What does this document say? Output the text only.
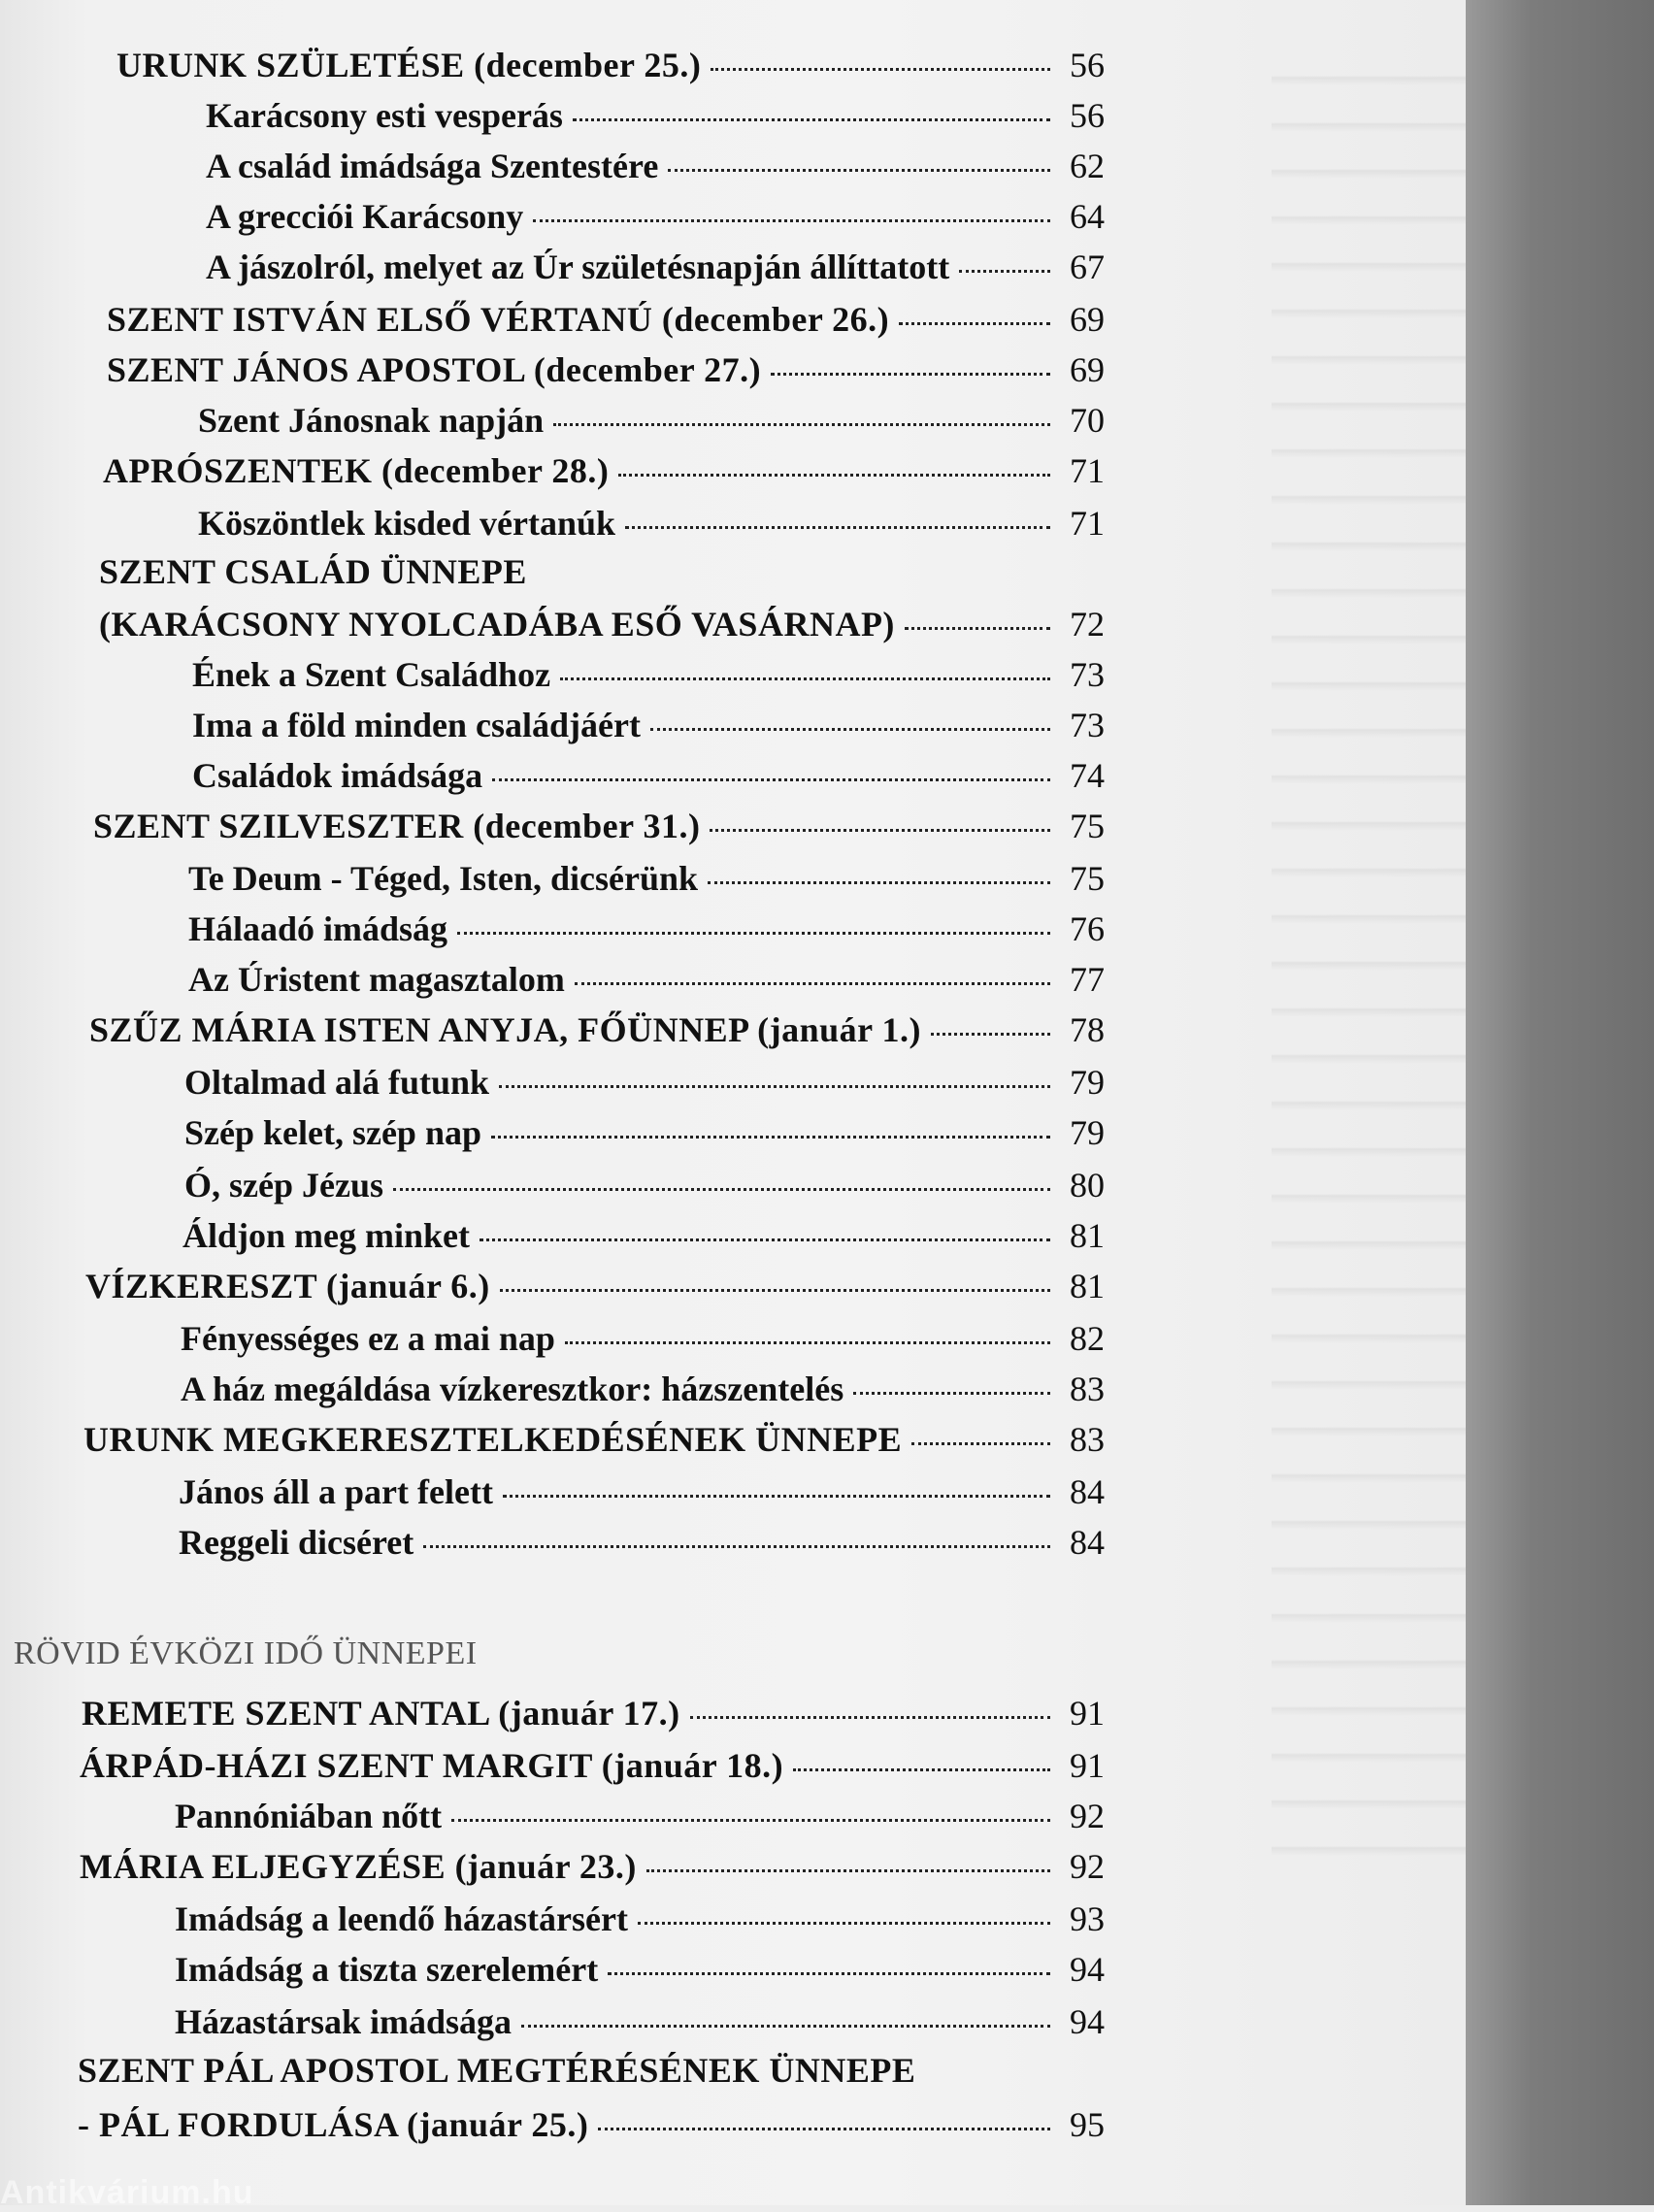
URUNK SZÜLETÉSE (december 25.)	56
Karácsony esti vesperás	56
A család imádsága Szentestére	62
A grecciói Karácsony	64
A jászolról, melyet az Úr születésnapján állíttatott	67
SZENT ISTVÁN ELSŐ VÉRTANÚ (december 26.)	69
SZENT JÁNOS APOSTOL (december 27.)	69
Szent Jánosnak napján	70
APRÓSZENTEK (december 28.)	71
Köszöntlek kisded vértanúk	71
SZENT CSALÁD ÜNNEPE
(KARÁCSONY NYOLCADÁBA ESŐ VASÁRNAP)	72
Ének a Szent Családhoz	73
Ima a föld minden családjáért	73
Családok imádsága	74
SZENT SZILVESZTER (december 31.)	75
Te Deum - Téged, Isten, dicsérünk	75
Hálaadó imádság	76
Az Úristent magasztalom	77
SZŰZ MÁRIA ISTEN ANYJA, FŐÜNNEP (január 1.)	78
Oltalmad alá futunk	79
Szép kelet, szép nap	79
Ó, szép Jézus	80
Áldjon meg minket	81
VÍZKERESZT (január 6.)	81
Fényességes ez a mai nap	82
A ház megáldása vízkeresztkor: házszentelés	83
URUNK MEGKERESZTELKEDÉSÉNEK ÜNNEPE	83
János áll a part felett	84
Reggeli dicséret	84
RÖVID ÉVKÖZI IDŐ ÜNNEPEI
REMETE SZENT ANTAL (január 17.)	91
ÁRPÁD-HÁZI SZENT MARGIT (január 18.)	91
Pannóniában nőtt	92
MÁRIA ELJEGYZÉSE (január 23.)	92
Imádság a leendő házastársért	93
Imádság a tiszta szerelemért	94
Házastársak imádsága	94
SZENT PÁL APOSTOL MEGTÉRÉSÉNEK ÜNNEPE
- PÁL FORDULÁSA (január 25.)	95
Antikvárium.hu
